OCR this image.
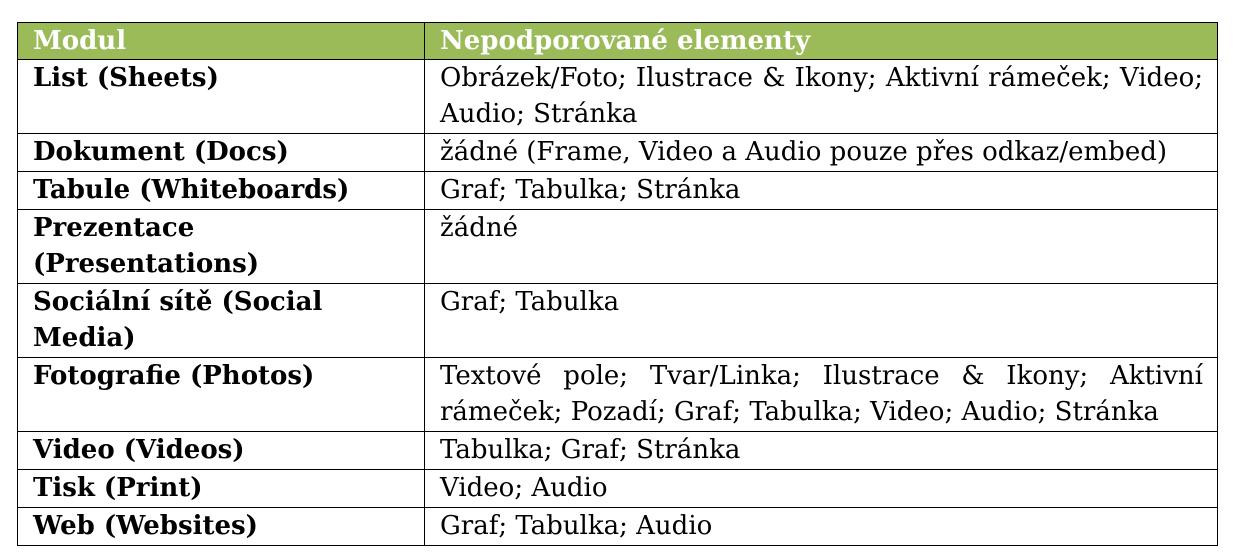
Modul	Nepodporované elementy
List (Sheets)	Obrázek/Foto; Ilustrace & Ikony; Aktivní rámeček; Video; Audio; Stránka
Dokument (Docs)	žádné (Frame, Video a Audio pouze přes odkaz/embed)
Tabule (Whiteboards)	Graf; Tabulka; Stránka
Prezentace (Presentations)	žádné
Sociální sítě (Social Media)	Graf; Tabulka
Fotografie (Photos)	Textové pole; Tvar/Linka; Ilustrace & Ikony; Aktivní rámeček; Pozadí; Graf; Tabulka; Video; Audio; Stránka
Video (Videos)	Tabulka; Graf; Stránka
Tisk (Print)	Video; Audio
Web (Websites)	Graf; Tabulka; Audio
